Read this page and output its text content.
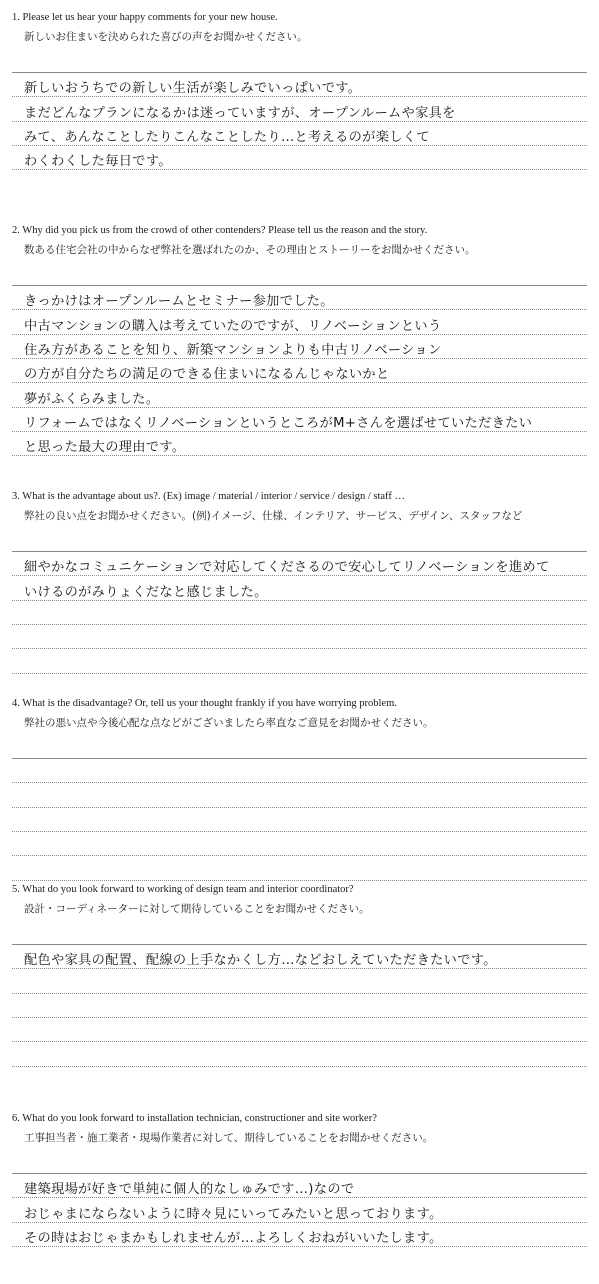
1. Please let us hear your happy comments for your new house.
新しいお住まいを決められた喜びの声をお聞かせください。
新しいおうちでの新しい生活が楽しみでいっぱいです。
まだどんなプランになるかは迷っていますが、オープンルームや家具を
みて、あんなことしたりこんなことしたり…と考えるのが楽しくて
わくわくした毎日です。
2. Why did you pick us from the crowd of other contenders? Please tell us the reason and the story.
数ある住宅会社の中からなぜ弊社を選ばれたのか、その理由とストーリーをお聞かせください。
きっかけはオープンルームとセミナー参加でした。
中古マンションの購入は考えていたのですが、リノベーションという
住み方があることを知り、新築マンションよりも中古リノベーション
の方が自分たちの満足のできる住まいになるんじゃないかと
夢がふくらみました。
リフォームではなくリノベーションというところがM+さんを選ばせていただきたい
と思った最大の理由です。
3. What is the advantage about us?. (Ex) image / material / interior / service / design / staff …
弊社の良い点をお聞かせください。(例)イメージ、仕様、インテリア、サービス、デザイン、スタッフなど
細やかなコミュニケーションで対応してくださるので安心してリノベーションを進めて
いけるのがみりょくだなと感じました。
4. What is the disadvantage? Or, tell us your thought frankly if you have worrying problem.
弊社の悪い点や今後心配な点などがございましたら率直なご意見をお聞かせください。
5. What do you look forward to working of design team and interior coordinator?
設計・コーディネーターに対して期待していることをお聞かせください。
配色や家具の配置、配線の上手なかくし方…などおしえていただきたいです。
6. What do you look forward to installation technician, constructioner and site worker?
工事担当者・施工業者・現場作業者に対して、期待していることをお聞かせください。
建築現場が好きで単純に個人的なしゅみです…)なので
おじゃまにならないように時々見にいってみたいと思っております。
その時はおじゃまかもしれませんが…よろしくおねがいいたします。
